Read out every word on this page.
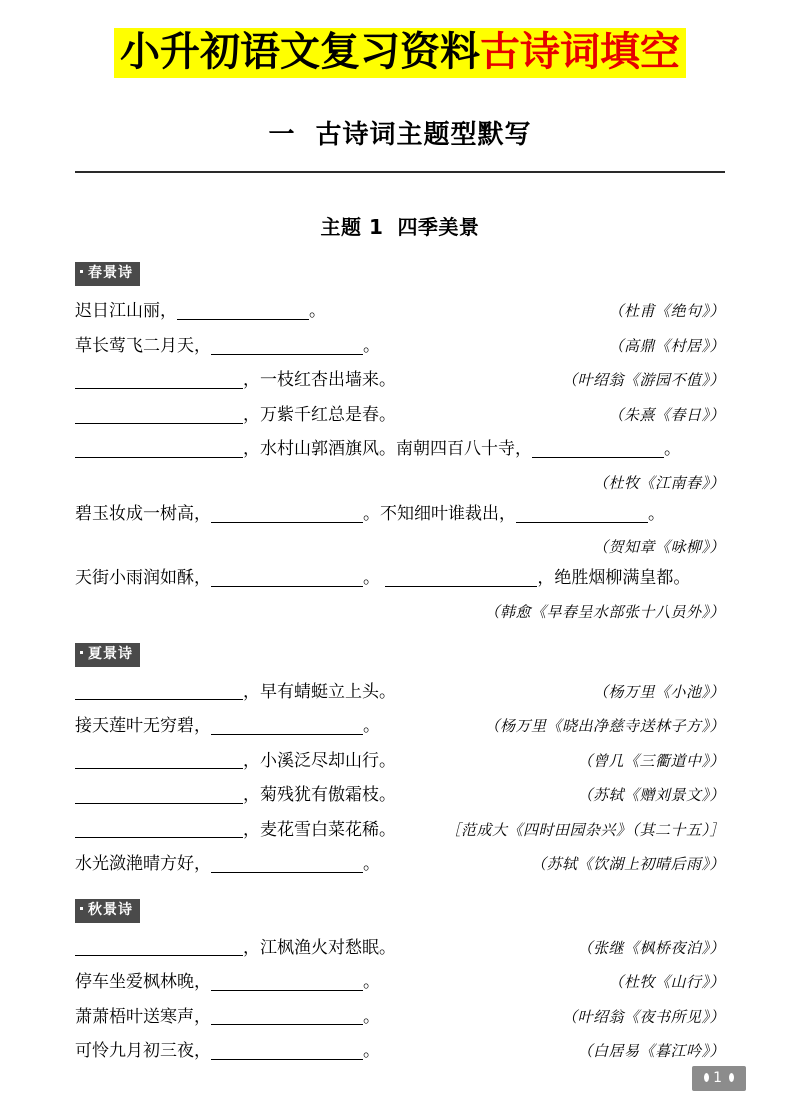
小升初语文复习资料古诗词填空
一 古诗词主题型默写
主题 1 四季美景
春景诗
迟日江山丽，	。	（杜甫《绝句》）
草长莺飞二月天，	。	（高鼎《村居》）
，一枝红杏出墙来。	（叶绍翁《游园不值》）
，万紫千红总是春。	（朱熹《春日》）
，水村山郭酒旗风。南朝四百八十寺，	。
（杜牧《江南春》）
碧玉妆成一树高，	。不知细叶谁裁出，	。
（贺知章《咏柳》）
天街小雨润如酥，	。	，绝胜烟柳满皇都。
（韩愈《早春呈水部张十八员外》）
夏景诗
，早有蜻蜓立上头。	（杨万里《小池》）
接天莲叶无穷碧，	。	（杨万里《晓出净慈寺送林子方》）
，小溪泛尽却山行。	（曾几《三衢道中》）
，菊残犹有傲霜枝。	（苏轼《赠刘景文》）
，麦花雪白菜花稀。	［范成大《四时田园杂兴》（其二十五）］
水光潋滟晴方好，	。	（苏轼《饮湖上初晴后雨》）
秋景诗
，江枫渔火对愁眠。	（张继《枫桥夜泊》）
停车坐爱枫林晚，	。	（杜牧《山行》）
萧萧梧叶送寒声，	。	（叶绍翁《夜书所见》）
可怜九月初三夜，	。	（白居易《暮江吟》）
1
